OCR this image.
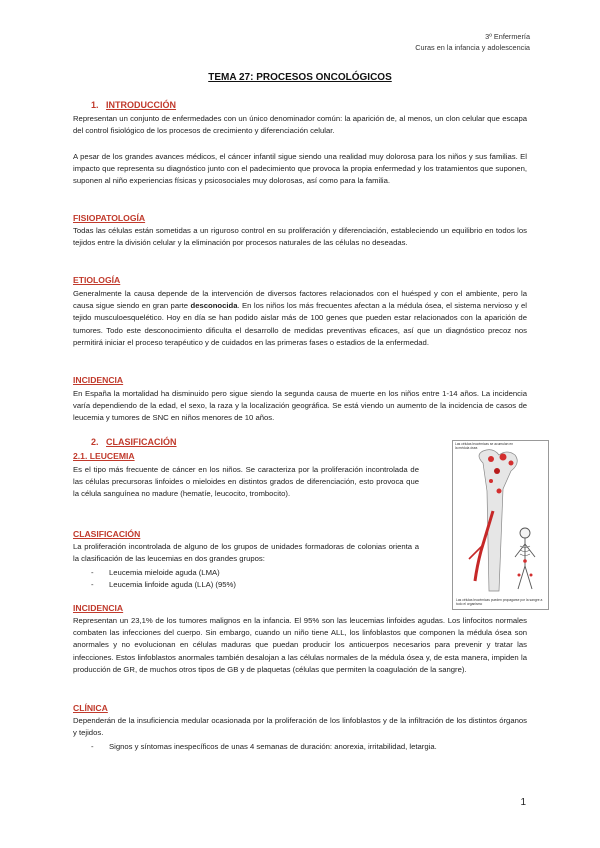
3º Enfermería
Curas en la infancia y adolescencia
TEMA 27: PROCESOS ONCOLÓGICOS
1. INTRODUCCIÓN
Representan un conjunto de enfermedades con un único denominador común: la aparición de, al menos, un clon celular que escapa del control fisiológico de los procesos de crecimiento y diferenciación celular.
A pesar de los grandes avances médicos, el cáncer infantil sigue siendo una realidad muy dolorosa para los niños y sus familias. El impacto que representa su diagnóstico junto con el padecimiento que provoca la propia enfermedad y los tratamientos que suponen, suponen al niño experiencias físicas y psicosociales muy dolorosas, así como para la familia.
FISIOPATOLOGÍA
Todas las células están sometidas a un riguroso control en su proliferación y diferenciación, estableciendo un equilibrio en todos los tejidos entre la división celular y la eliminación por procesos naturales de las células no deseadas.
ETIOLOGÍA
Generalmente la causa depende de la intervención de diversos factores relacionados con el huésped y con el ambiente, pero la causa sigue siendo en gran parte desconocida. En los niños los más frecuentes afectan a la médula ósea, el sistema nervioso y el tejido musculoesquelético. Hoy en día se han podido aislar más de 100 genes que pueden estar relacionados con la aparición de tumores. Todo este desconocimiento dificulta el desarrollo de medidas preventivas eficaces, así que un diagnóstico precoz nos permitirá iniciar el proceso terapéutico y de cuidados en las primeras fases o estadios de la enfermedad.
INCIDENCIA
En España la mortalidad ha disminuido pero sigue siendo la segunda causa de muerte en los niños entre 1-14 años. La incidencia varía dependiendo de la edad, el sexo, la raza y la localización geográfica. Se está viendo un aumento de la incidencia de casos de leucemia y tumores de SNC en niños menores de 10 años.
2. CLASIFICACIÓN
2.1. LEUCEMIA
Es el tipo más frecuente de cáncer en los niños. Se caracteriza por la proliferación incontrolada de las células precursoras linfoides o mieloides en distintos grados de diferenciación, esto provoca que la célula sanguínea no madure (hematíe, leucocito, trombocito).
CLASIFICACIÓN
La proliferación incontrolada de alguno de los grupos de unidades formadoras de colonias orienta a la clasificación de las leucemias en dos grandes grupos:
- Leucemia mieloide aguda (LMA)
- Leucemia linfoide aguda (LLA) (95%)
INCIDENCIA
Representan un 23,1% de los tumores malignos en la infancia. El 95% son las leucemias linfoides agudas. Los linfocitos normales combaten las infecciones del cuerpo. Sin embargo, cuando un niño tiene ALL, los linfoblastos que componen la médula ósea son anormales y no evolucionan en células maduras que puedan producir los anticuerpos necesarios para prevenir y tratar las infecciones. Estos linfoblastos anormales también desalojan a las células normales de la médula ósea y, de esta manera, impiden la producción de GR, de muchos otros tipos de GB y de plaquetas (células que permiten la coagulación de la sangre).
CLÍNICA
Dependerán de la insuficiencia medular ocasionada por la proliferación de los linfoblastos y de la infiltración de los distintos órganos y tejidos.
- Signos y síntomas inespecíficos de unas 4 semanas de duración: anorexia, irritabilidad, letargia.
Las células leucémicas se acumulan en la médula ósea
Las células leucémicas pueden propagarse por la sangre a todo el organismo
1
